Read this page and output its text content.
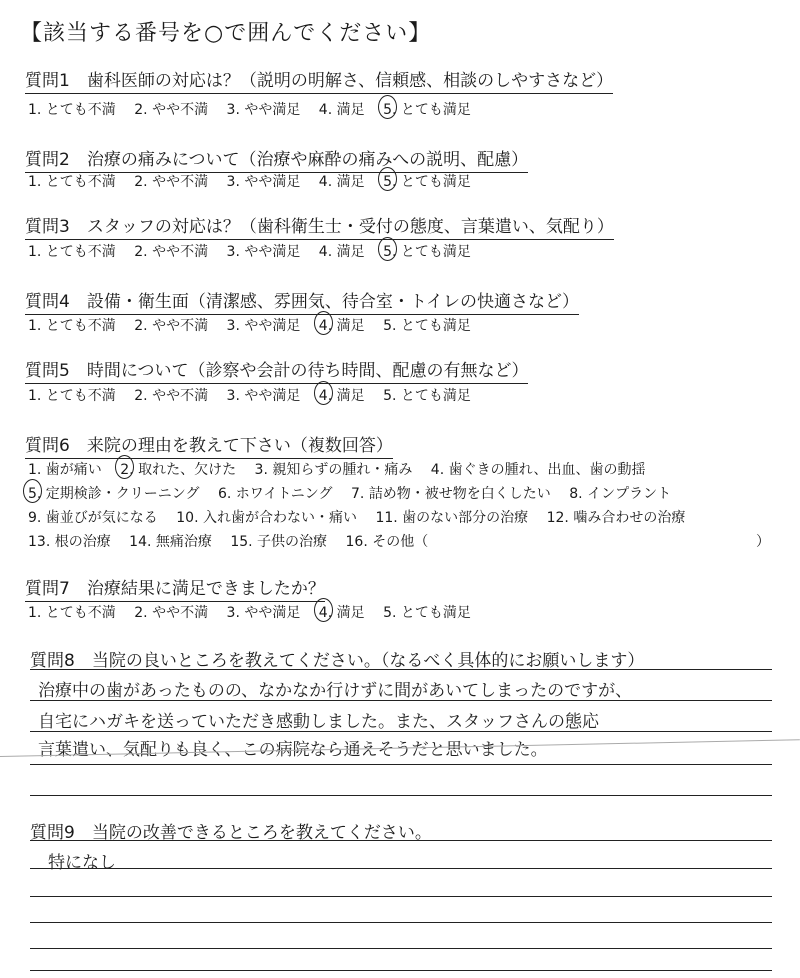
【該当する番号を○で囲んでください】
質問1　歯科医師の対応は？（説明の明解さ、信頼感、相談のしやすさなど）
1. とても不満 2. やや不満 3. やや満足 4. 満足 5. とても満足
質問2　治療の痛みについて（治療や麻酔の痛みへの説明、配慮）
1. とても不満 2. やや不満 3. やや満足 4. 満足 5. とても満足
質問3　スタッフの対応は？（歯科衛生士・受付の態度、言葉遣い、気配り）
1. とても不満 2. やや不満 3. やや満足 4. 満足 5. とても満足
質問4　設備・衛生面（清潔感、雰囲気、待合室・トイレの快適さなど）
1. とても不満 2. やや不満 3. やや満足 4. 満足 5. とても満足
質問5　時間について（診察や会計の待ち時間、配慮の有無など）
1. とても不満 2. やや不満 3. やや満足 4. 満足 5. とても満足
質問6　来院の理由を教えて下さい（複数回答）
1. 歯が痛い 2. 取れた、欠けた 3. 親知らずの腫れ・痛み 4. 歯ぐきの腫れ、出血、歯の動揺
5. 定期検診・クリーニング 6. ホワイトニング 7. 詰め物・被せ物を白くしたい 8. インプラント
9. 歯並びが気になる 10. 入れ歯が合わない・痛い 11. 歯のない部分の治療 12. 噛み合わせの治療
13. 根の治療 14. 無痛治療 15. 子供の治療 16. その他（	）
質問7　治療結果に満足できましたか？
1. とても不満 2. やや不満 3. やや満足 4. 満足 5. とても満足
質問8　当院の良いところを教えてください。（なるべく具体的にお願いします）
治療中の歯があったものの、なかなか行けずに間があいてしまったのですが、
自宅にハガキを送っていただき感動しました。また、スタッフさんの態応
言葉遣い、気配りも良く、この病院なら通えそうだと思いました。
質問9　当院の改善できるところを教えてください。
特になし
